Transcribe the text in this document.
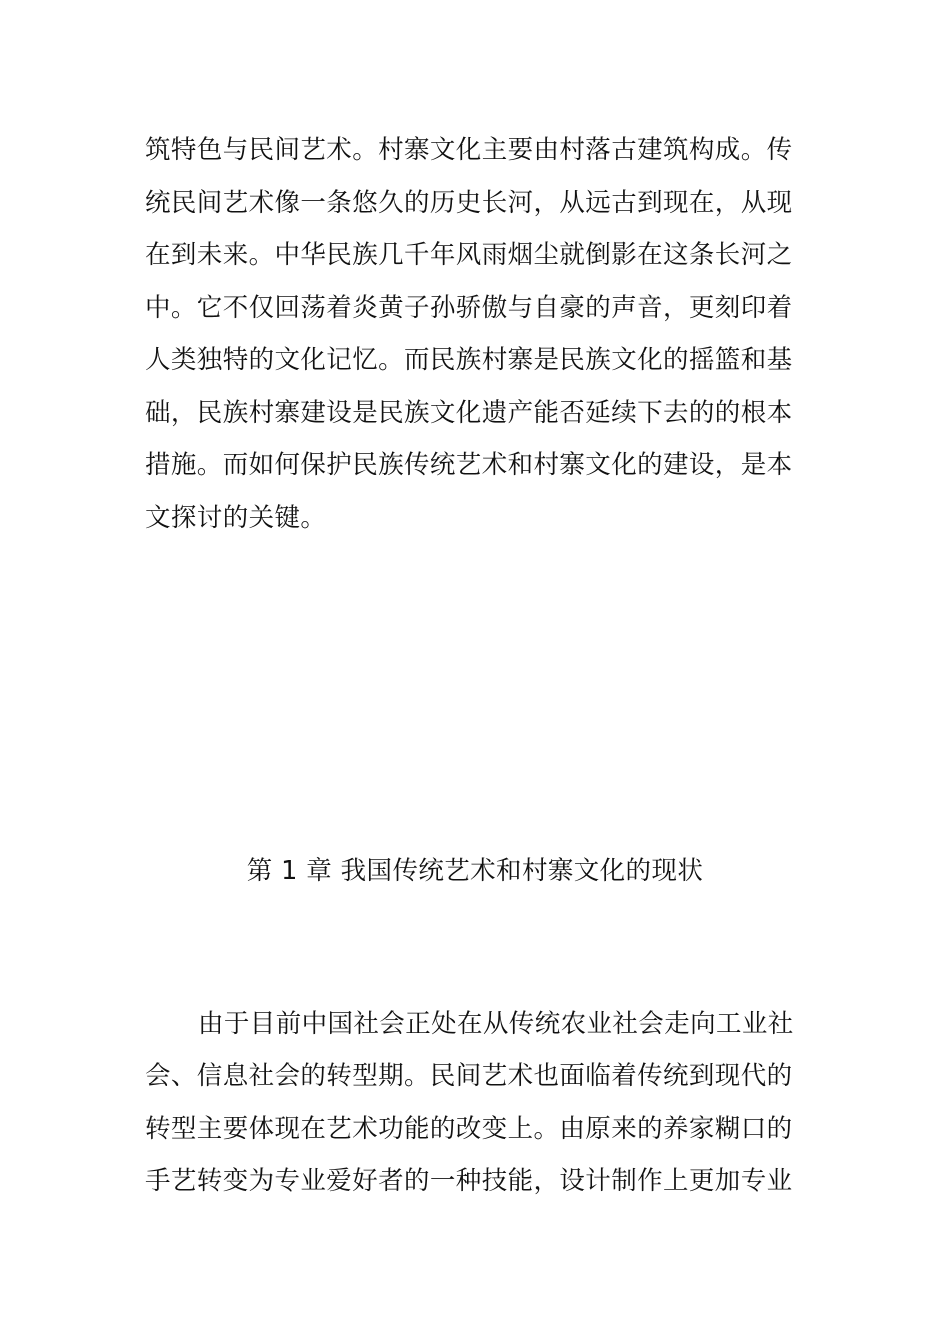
筑特色与民间艺术。村寨文化主要由村落古建筑构成。传
统民间艺术像一条悠久的历史长河，从远古到现在，从现
在到未来。中华民族几千年风雨烟尘就倒影在这条长河之
中。它不仅回荡着炎黄子孙骄傲与自豪的声音，更刻印着
人类独特的文化记忆。而民族村寨是民族文化的摇篮和基
础，民族村寨建设是民族文化遗产能否延续下去的的根本
措施。而如何保护民族传统艺术和村寨文化的建设，是本
文探讨的关键。
第 1 章 我国传统艺术和村寨文化的现状
由于目前中国社会正处在从传统农业社会走向工业社
会、信息社会的转型期。民间艺术也面临着传统到现代的
转型主要体现在艺术功能的改变上。由原来的养家糊口的
手艺转变为专业爱好者的一种技能，设计制作上更加专业
